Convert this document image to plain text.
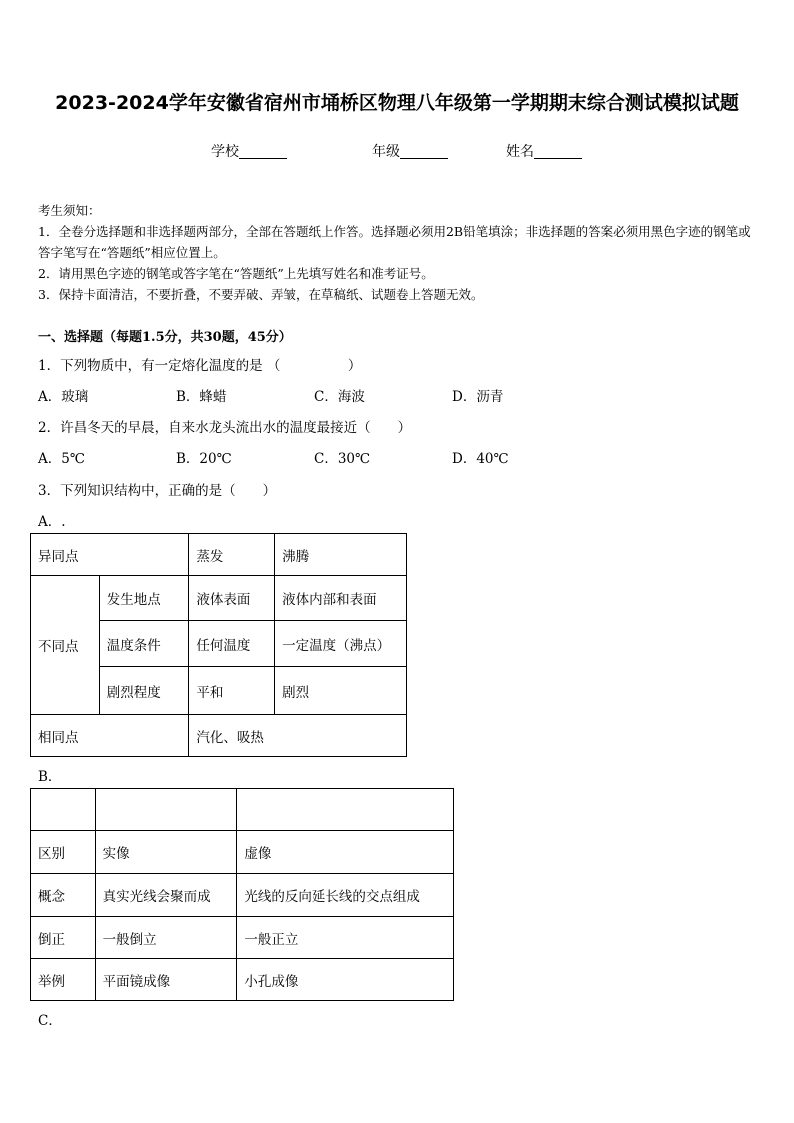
2023-2024学年安徽省宿州市埇桥区物理八年级第一学期期末综合测试模拟试题
学校	年级	姓名
考生须知：
1．全卷分选择题和非选择题两部分，全部在答题纸上作答。选择题必须用2B铅笔填涂；非选择题的答案必须用黑色字迹的钢笔或答字笔写在“答题纸”相应位置上。
2．请用黑色字迹的钢笔或答字笔在“答题纸”上先填写姓名和准考证号。
3．保持卡面清洁，不要折叠，不要弄破、弄皱，在草稿纸、试题卷上答题无效。
一、选择题（每题1.5分，共30题，45分）
1．下列物质中，有一定熔化温度的是 （　　　　　）
A．玻璃	B．蜂蜡	C．海波	D．沥青
2．许昌冬天的早晨，自来水龙头流出水的温度最接近（　　）
A．5℃	B．20℃	C．30℃	D．40℃
3．下列知识结构中，正确的是（　　）
A．.
异同点		蒸发	沸腾
不同点	发生地点	液体表面	液体内部和表面
	温度条件	任何温度	一定温度（沸点）
	剧烈程度	平和	剧烈
相同点		汽化、吸热	
B．

区别	实像	虚像
概念	真实光线会聚而成	光线的反向延长线的交点组成
倒正	一般倒立	一般正立
举例	平面镜成像	小孔成像
C．
